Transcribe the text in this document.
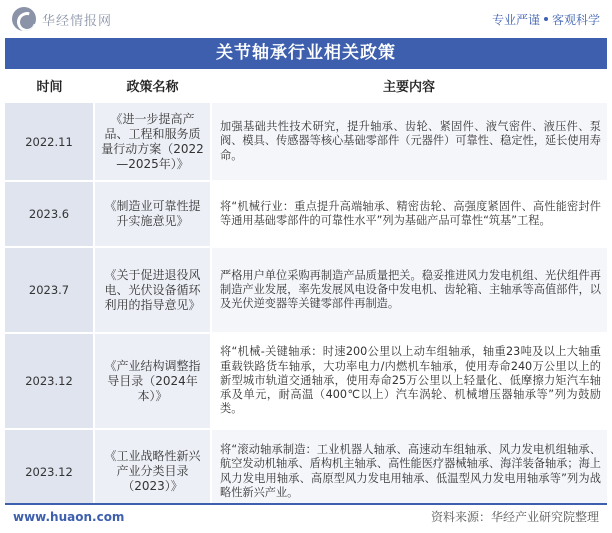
华经情报网	专业严谨 客观科学
关节轴承行业相关政策
时间	政策名称	主要内容
2022.11	《进一步提高产品、工程和服务质量行动方案（2022—2025年）》	加强基础共性技术研究，提升轴承、齿轮、紧固件、液气密件、液压件、泵阀、模具、传感器等核心基础零部件（元器件）可靠性、稳定性，延长使用寿命。
2023.6	《制造业可靠性提升实施意见》	将“机械行业：重点提升高端轴承、精密齿轮、高强度紧固件、高性能密封件等通用基础零部件的可靠性水平”列为基础产品可靠性“筑基”工程。
2023.7	《关于促进退役风电、光伏设备循环利用的指导意见》	严格用户单位采购再制造产品质量把关。稳妥推进风力发电机组、光伏组件再制造产业发展，率先发展风电设备中发电机、齿轮箱、主轴承等高值部件，以及光伏逆变器等关键零部件再制造。
2023.12	《产业结构调整指导目录（2024年本）》	将“机械-关键轴承：时速200公里以上动车组轴承，轴重23吨及以上大轴重重载铁路货车轴承，大功率电力/内燃机车轴承，使用寿命240万公里以上的新型城市轨道交通轴承，使用寿命25万公里以上轻量化、低摩擦力矩汽车轴承及单元，耐高温（400℃以上）汽车涡轮、机械增压器轴承等”列为鼓励类。
2023.12	《工业战略性新兴产业分类目录（2023）》	将“滚动轴承制造：工业机器人轴承、高速动车组轴承、风力发电机组轴承、航空发动机轴承、盾构机主轴承、高性能医疗器械轴承、海洋装备轴承；海上风力发电用轴承、高原型风力发电用轴承、低温型风力发电用轴承等”列为战略性新兴产业。
www.huaon.com	资料来源：华经产业研究院整理
